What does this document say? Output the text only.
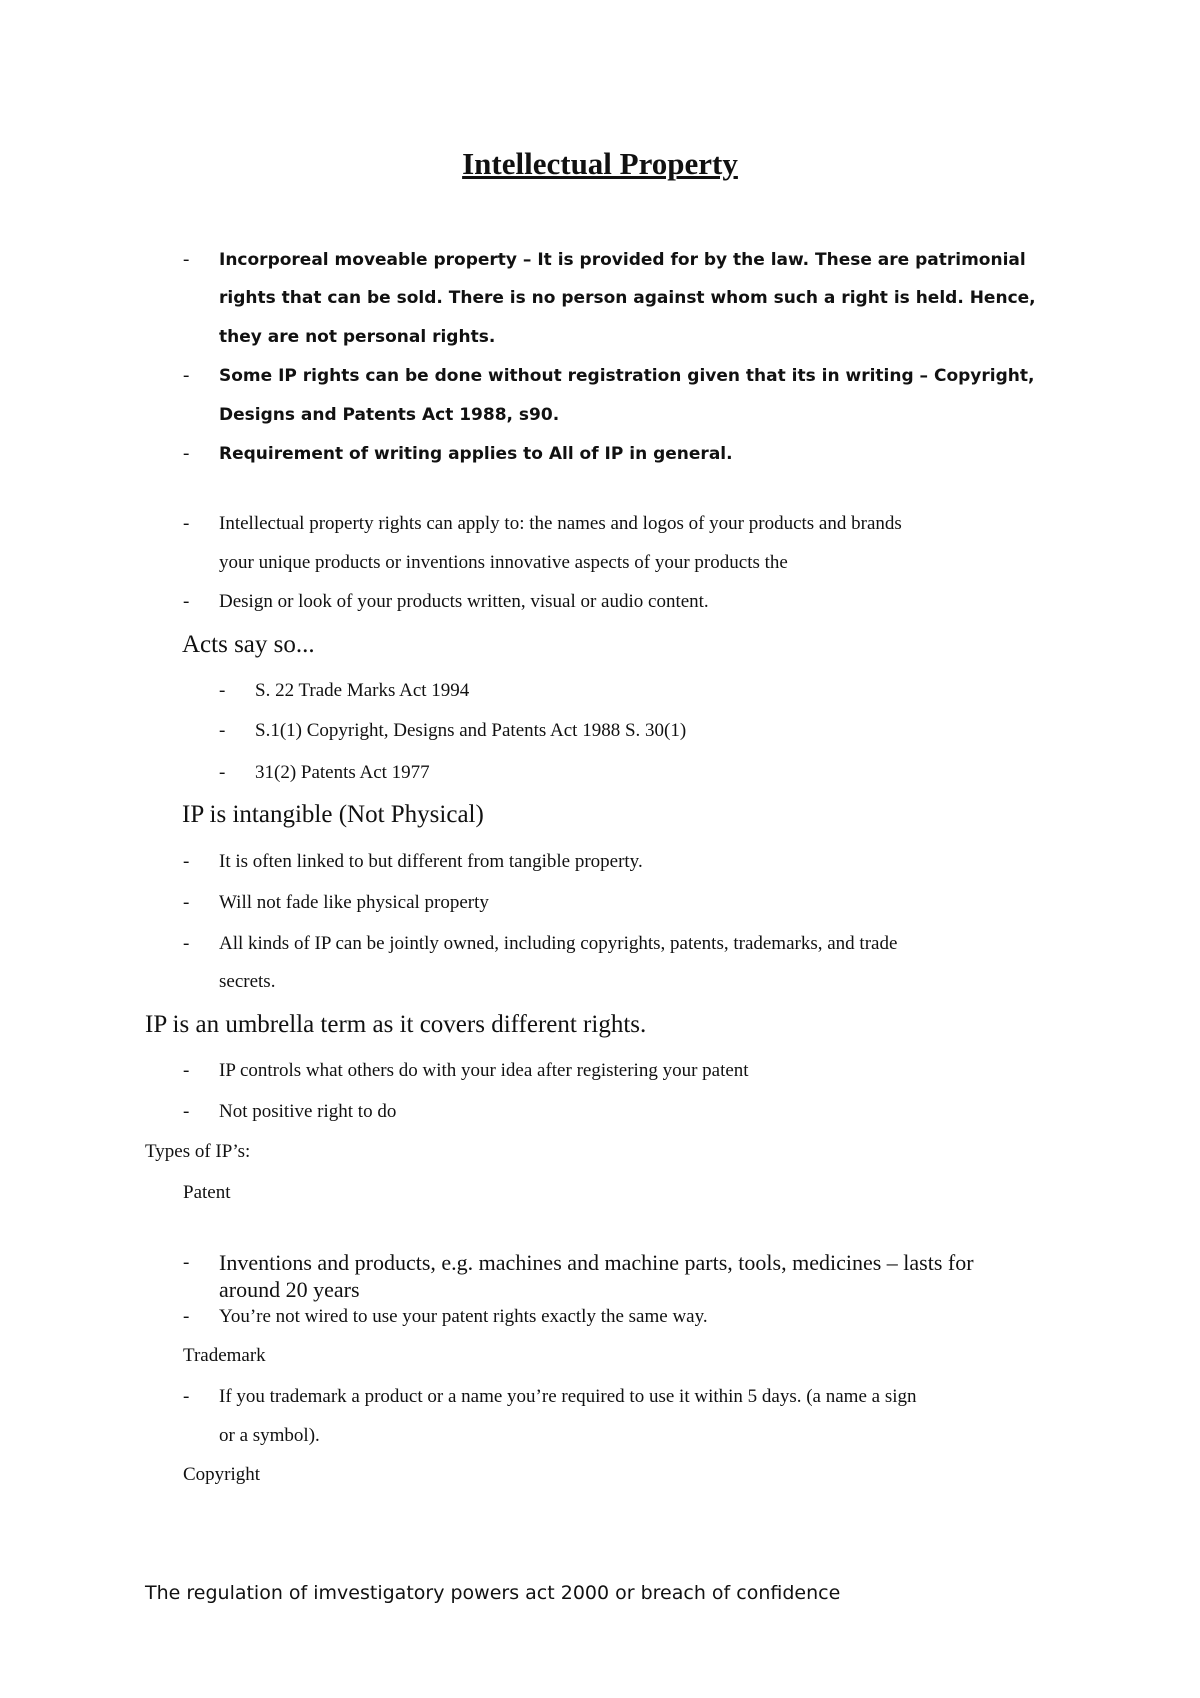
Intellectual Property
- Incorporeal moveable property – It is provided for by the law. These are patrimonial
rights that can be sold. There is no person against whom such a right is held. Hence,
they are not personal rights.
- Some IP rights can be done without registration given that its in writing – Copyright,
Designs and Patents Act 1988, s90.
- Requirement of writing applies to All of IP in general.
- Intellectual property rights can apply to: the names and logos of your products and brands
your unique products or inventions innovative aspects of your products the
- Design or look of your products written, visual or audio content.
Acts say so...
- S. 22 Trade Marks Act 1994
- S.1(1) Copyright, Designs and Patents Act 1988 S. 30(1)
- 31(2) Patents Act 1977
IP is intangible (Not Physical)
- It is often linked to but different from tangible property.
- Will not fade like physical property
- All kinds of IP can be jointly owned, including copyrights, patents, trademarks, and trade
secrets.
IP is an umbrella term as it covers different rights.
- IP controls what others do with your idea after registering your patent
- Not positive right to do
Types of IP’s:
Patent
- Inventions and products, e.g. machines and machine parts, tools, medicines – lasts for
around 20 years
- You’re not wired to use your patent rights exactly the same way.
Trademark
- If you trademark a product or a name you’re required to use it within 5 days. (a name a sign
or a symbol).
Copyright
The regulation of imvestigatory powers act 2000 or breach of confidence
